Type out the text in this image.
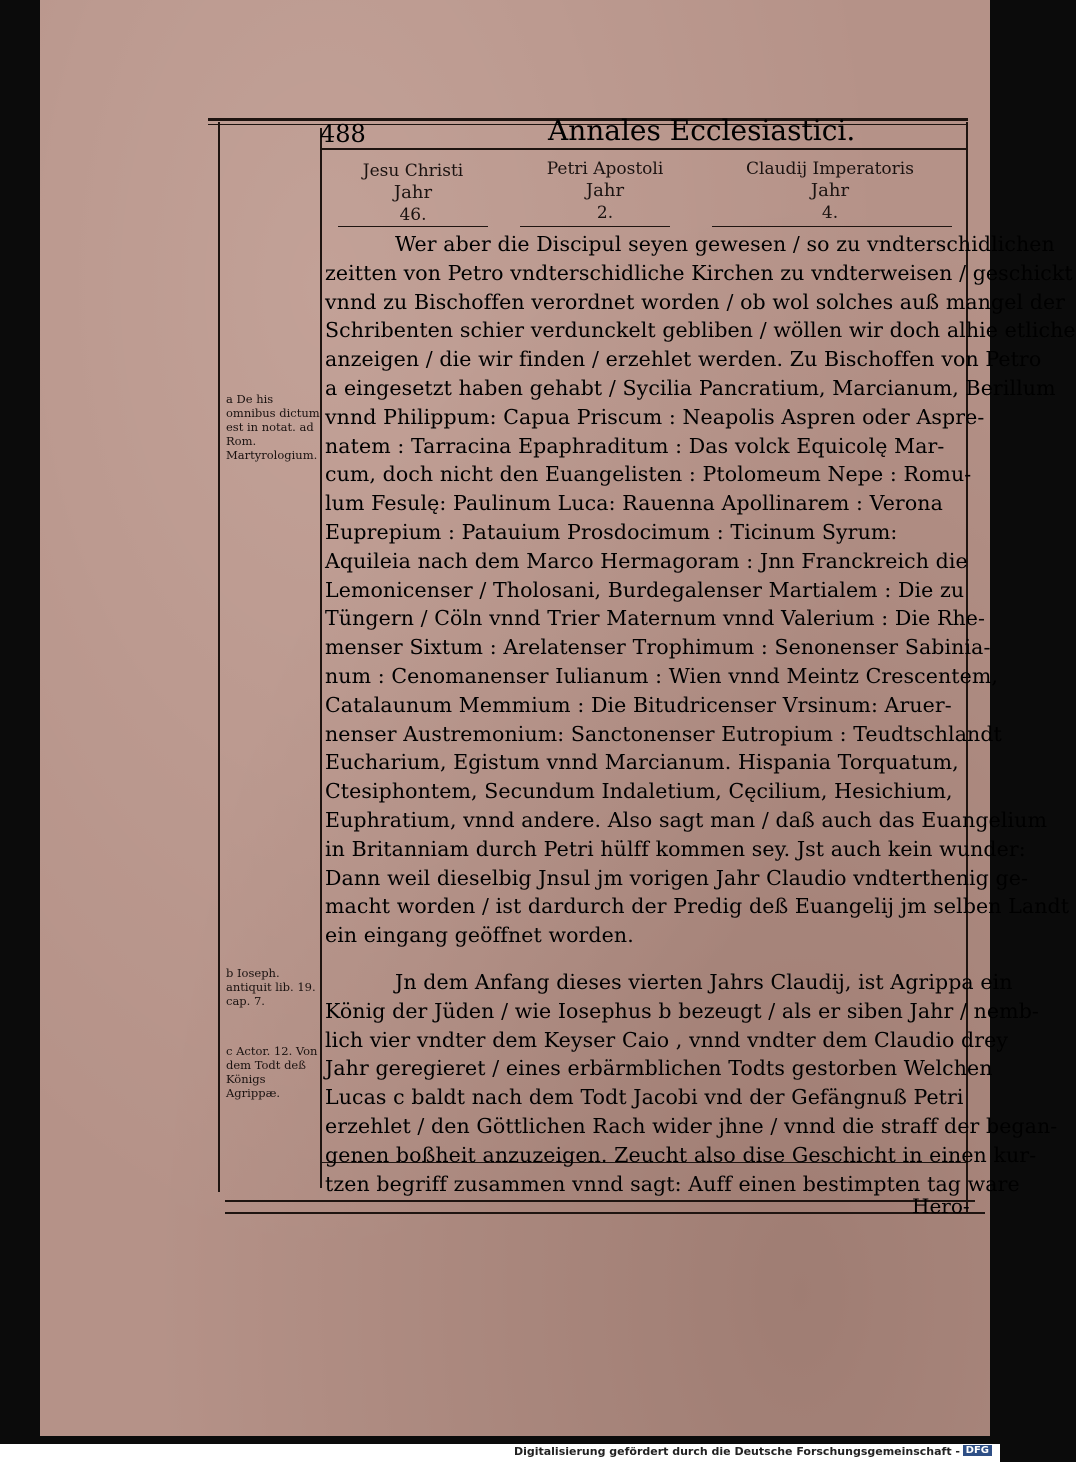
488	Annales Ecclesiastici.
Jesu Christi
Jahr
46.
Petri Apostoli
Jahr
2.
Claudij Imperatoris
Jahr
4.
a De his omnibus dictum est in notat. ad Rom. Martyrologium.
b Ioseph. antiquit lib. 19. cap. 7.
c Actor. 12. Von dem Todt deß Königs Agrippæ.
Wer aber die Discipul seyen gewesen / so zu vndterschidlichen
zeitten von Petro vndterschidliche Kirchen zu vndterweisen / geschickt
vnnd zu Bischoffen verordnet worden / ob wol solches auß mangel der
Schribenten schier verdunckelt gebliben / wöllen wir doch alhie etliche
anzeigen / die wir finden / erzehlet werden. Zu Bischoffen von Petro
a eingesetzt haben gehabt / Sycilia Pancratium, Marcianum, Berillum
vnnd Philippum: Capua Priscum : Neapolis Aspren oder Aspre-
natem : Tarracina Epaphraditum : Das volck Equicolę Mar-
cum, doch nicht den Euangelisten : Ptolomeum Nepe : Romu-
lum Fesulę: Paulinum Luca: Rauenna Apollinarem : Verona
Euprepium : Patauium Prosdocimum : Ticinum Syrum:
Aquileia nach dem Marco Hermagoram : Jnn Franckreich die
Lemonicenser / Tholosani, Burdegalenser Martialem : Die zu
Tüngern / Cöln vnnd Trier Maternum vnnd Valerium : Die Rhe-
menser Sixtum : Arelatenser Trophimum : Senonenser Sabinia-
num : Cenomanenser Iulianum : Wien vnnd Meintz Crescentem,
Catalaunum Memmium : Die Bitudricenser Vrsinum: Aruer-
nenser Austremonium: Sanctonenser Eutropium : Teudtschlandt
Eucharium, Egistum vnnd Marcianum. Hispania Torquatum,
Ctesiphontem, Secundum Indaletium, Cęcilium, Hesichium,
Euphratium, vnnd andere. Also sagt man / daß auch das Euangelium
in Britanniam durch Petri hülff kommen sey. Jst auch kein wunder:
Dann weil dieselbig Jnsul jm vorigen Jahr Claudio vndterthenig ge-
macht worden / ist dardurch der Predig deß Euangelij jm selben Landt
ein eingang geöffnet worden.
Jn dem Anfang dieses vierten Jahrs Claudij, ist Agrippa ein
König der Jüden / wie Iosephus b bezeugt / als er siben Jahr / nemb-
lich vier vndter dem Keyser Caio , vnnd vndter dem Claudio drey
Jahr geregieret / eines erbärmblichen Todts gestorben Welchen
Lucas c baldt nach dem Todt Jacobi vnd der Gefängnuß Petri
erzehlet / den Göttlichen Rach wider jhne / vnnd die straff der began-
genen boßheit anzuzeigen. Zeucht also dise Geschicht in einen kur-
tzen begriff zusammen vnnd sagt: Auff einen bestimpten tag ware
Hero-
Digitalisierung gefördert durch die Deutsche Forschungsgemeinschaft - DFG
